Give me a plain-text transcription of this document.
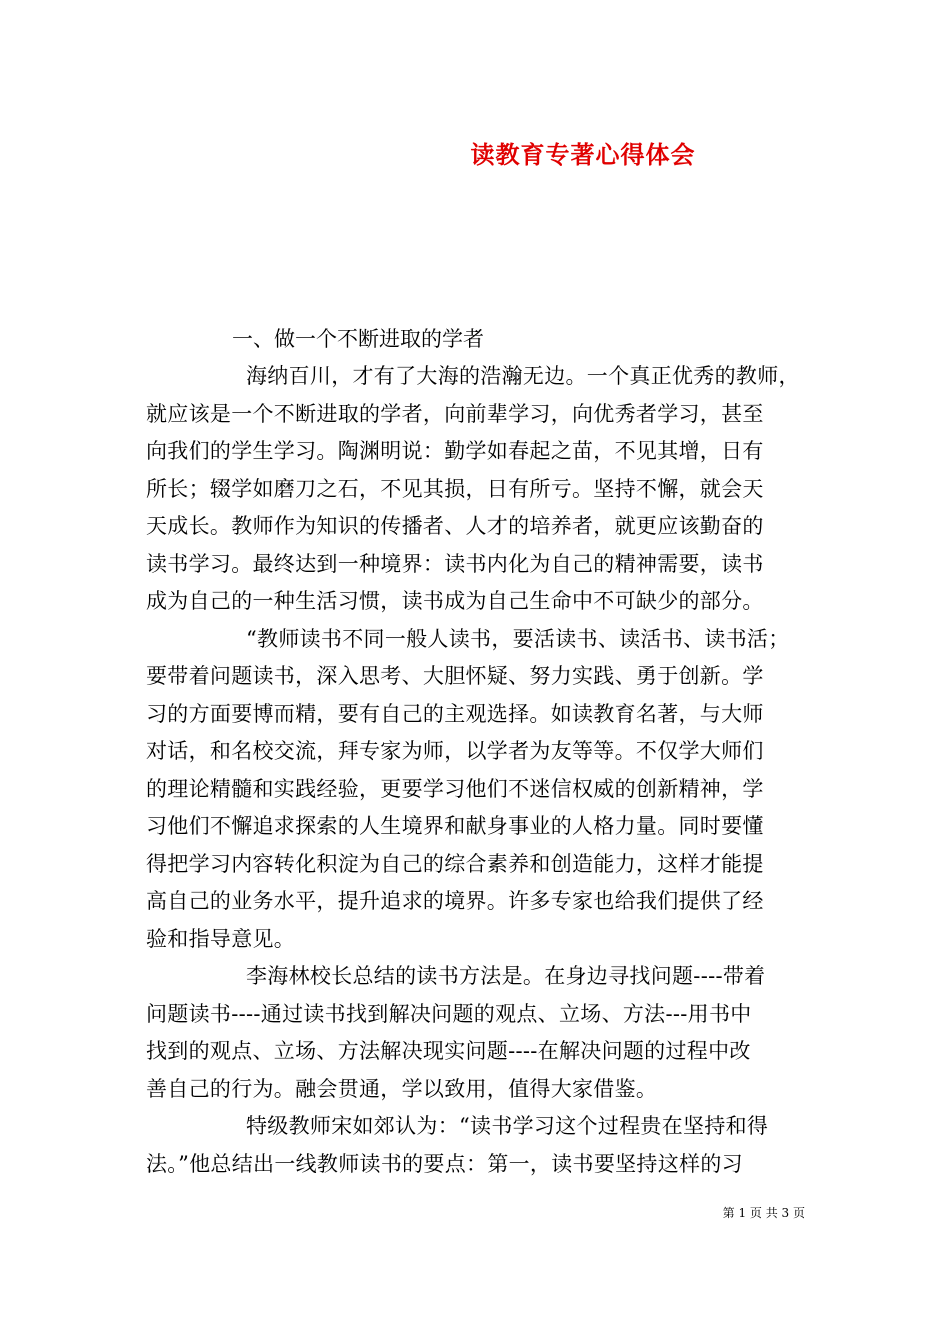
读教育专著心得体会
一、做一个不断进取的学者
海纳百川，才有了大海的浩瀚无边。一个真正优秀的教师，
就应该是一个不断进取的学者，向前辈学习，向优秀者学习，甚至
向我们的学生学习。陶渊明说：勤学如春起之苗，不见其增，日有
所长；辍学如磨刀之石，不见其损，日有所亏。坚持不懈，就会天
天成长。教师作为知识的传播者、人才的培养者，就更应该勤奋的
读书学习。最终达到一种境界：读书内化为自己的精神需要，读书
成为自己的一种生活习惯，读书成为自己生命中不可缺少的部分。
“教师读书不同一般人读书，要活读书、读活书、读书活；
要带着问题读书，深入思考、大胆怀疑、努力实践、勇于创新。学
习的方面要博而精，要有自己的主观选择。如读教育名著，与大师
对话，和名校交流，拜专家为师，以学者为友等等。不仅学大师们
的理论精髓和实践经验，更要学习他们不迷信权威的创新精神，学
习他们不懈追求探索的人生境界和献身事业的人格力量。同时要懂
得把学习内容转化积淀为自己的综合素养和创造能力，这样才能提
高自己的业务水平，提升追求的境界。许多专家也给我们提供了经
验和指导意见。
李海林校长总结的读书方法是。在身边寻找问题----带着
问题读书----通过读书找到解决问题的观点、立场、方法---用书中
找到的观点、立场、方法解决现实问题----在解决问题的过程中改
善自己的行为。融会贯通，学以致用，值得大家借鉴。
特级教师宋如郊认为：“读书学习这个过程贵在坚持和得
法。”他总结出一线教师读书的要点：第一，读书要坚持这样的习
第 1 页 共 3 页
